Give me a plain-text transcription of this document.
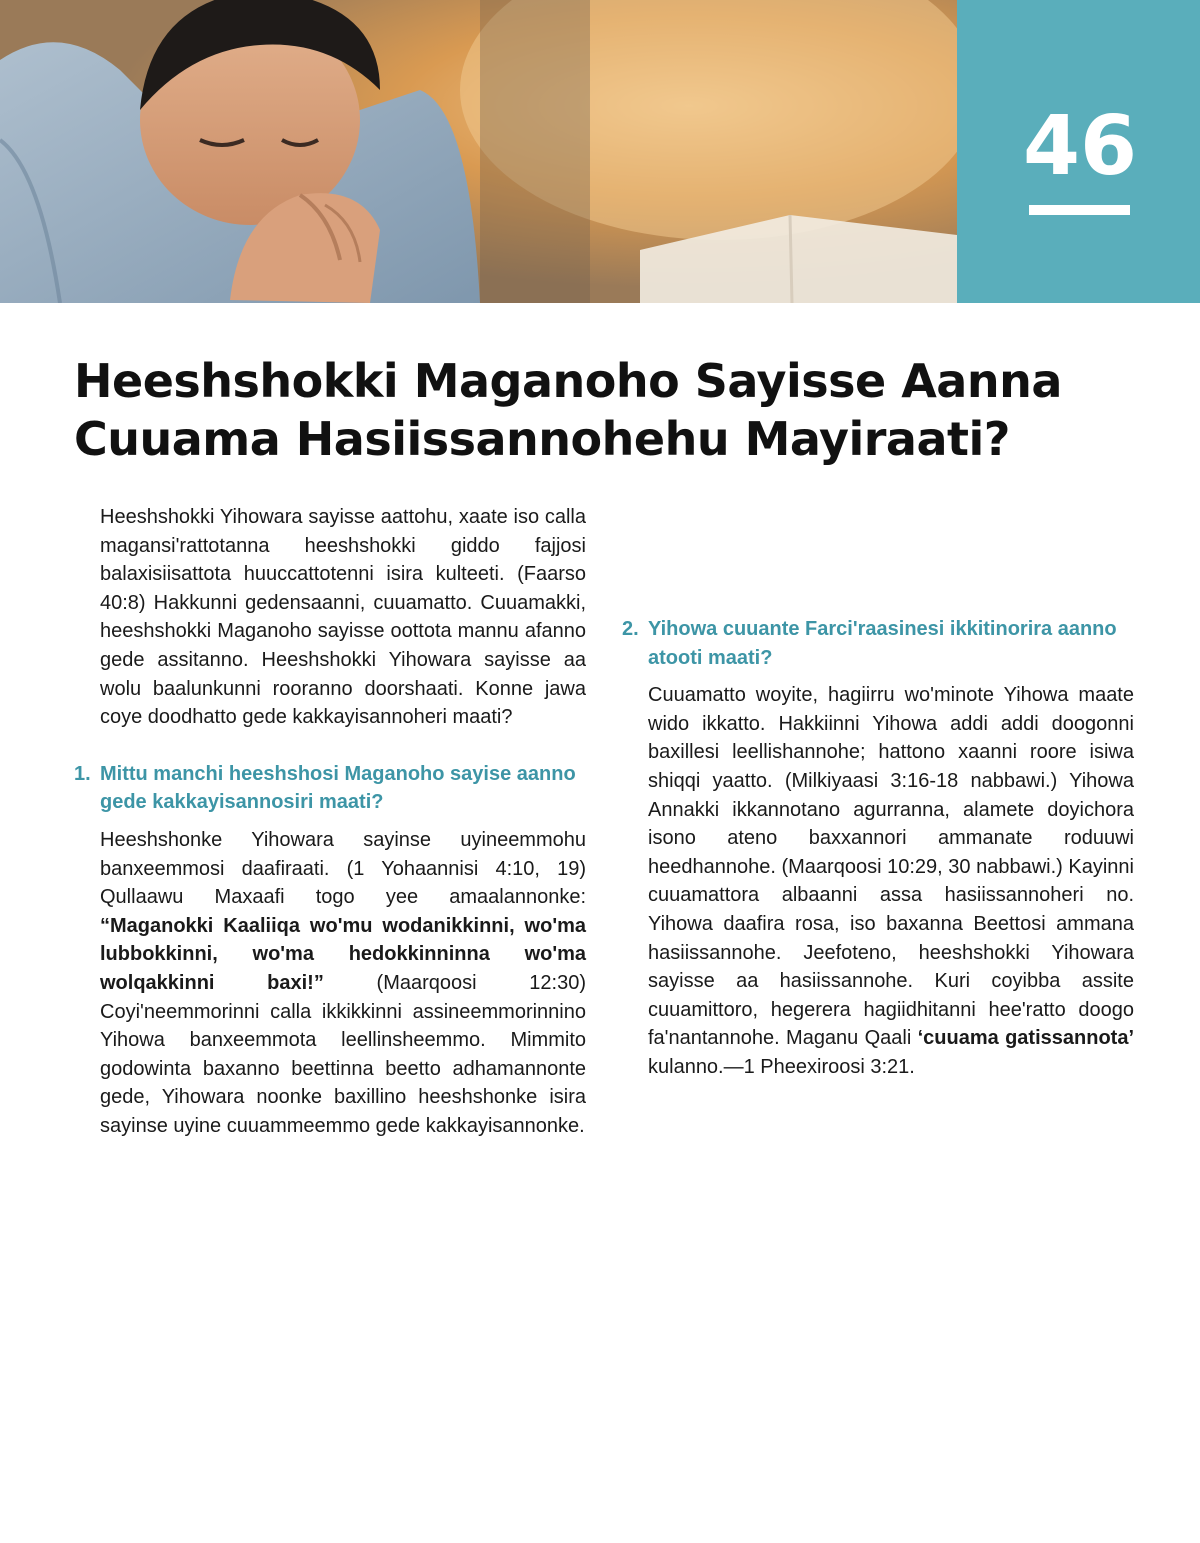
46
Heeshshokki Maganoho Sayisse Aanna
Cuuama Hasiissannohehu Mayiraati?

Heeshshokki Yihowara sayisse aattohu, xaate iso calla magansi'rattotanna heeshshokki giddo fajjosi balaxisiisattota huuccattotenni isira kulteeti. (Faarso 40:8) Hakkunni gedensaanni, cuuamatto. Cuuamakki, heeshshokki Maganoho sayisse oottota mannu afanno gede assitanno. Heeshshokki Yihowara sayisse aa wolu baalunkunni rooranno doorshaati. Konne jawa coye doodhatto gede kakkayisannoheri maati?

1. Mittu manchi heeshshosi Maganoho sayise aanno gede kakkayisannosiri maati?

Heeshshonke Yihowara sayinse uyineemmohu banxeemmosi daafiraati. (1 Yohaannisi 4:10, 19) Qullaawu Maxaafi togo yee amaalannonke: “Maganokki Kaaliiqa wo'mu wodanikkinni, wo'ma lubbokkinni, wo'ma hedokkinninna wo'ma wolqakkinni baxi!” (Maarqoosi 12:30) Coyi'neemmorinni calla ikkikkinni assineemmorinnino Yihowa banxeemmota leellinsheemmo. Mimmito godowinta baxanno beettinna beetto adhamannonte gede, Yihowara noonke baxillino heeshshonke isira sayinse uyine cuuammeemmo gede kakkayisannonke.

2. Yihowa cuuante Farci'raasinesi ikkitinorira aanno atooti maati?

Cuuamatto woyite, hagiirru wo'minote Yihowa maate wido ikkatto. Hakkiinni Yihowa addi addi doogonni baxillesi leellishannohe; hattono xaanni roore isiwa shiqqi yaatto. (Milkiyaasi 3:16-18 nabbawi.) Yihowa Annakki ikkannotano agurranna, alamete doyichora isono ateno baxxannori ammanate roduuwi heedhannohe. (Maarqoosi 10:29, 30 nabbawi.) Kayinni cuuamattora albaanni assa hasiissannoheri no. Yihowa daafira rosa, iso baxanna Beettosi ammana hasiissannohe. Jeefoteno, heeshshokki Yihowara sayisse aa hasiissannohe. Kuri coyibba assite cuuamittoro, hegerera hagiidhitanni hee'ratto doogo fa'nantannohe. Maganu Qaali ‘cuuama gatissannota’ kulanno.—1 Pheexiroosi 3:21.
